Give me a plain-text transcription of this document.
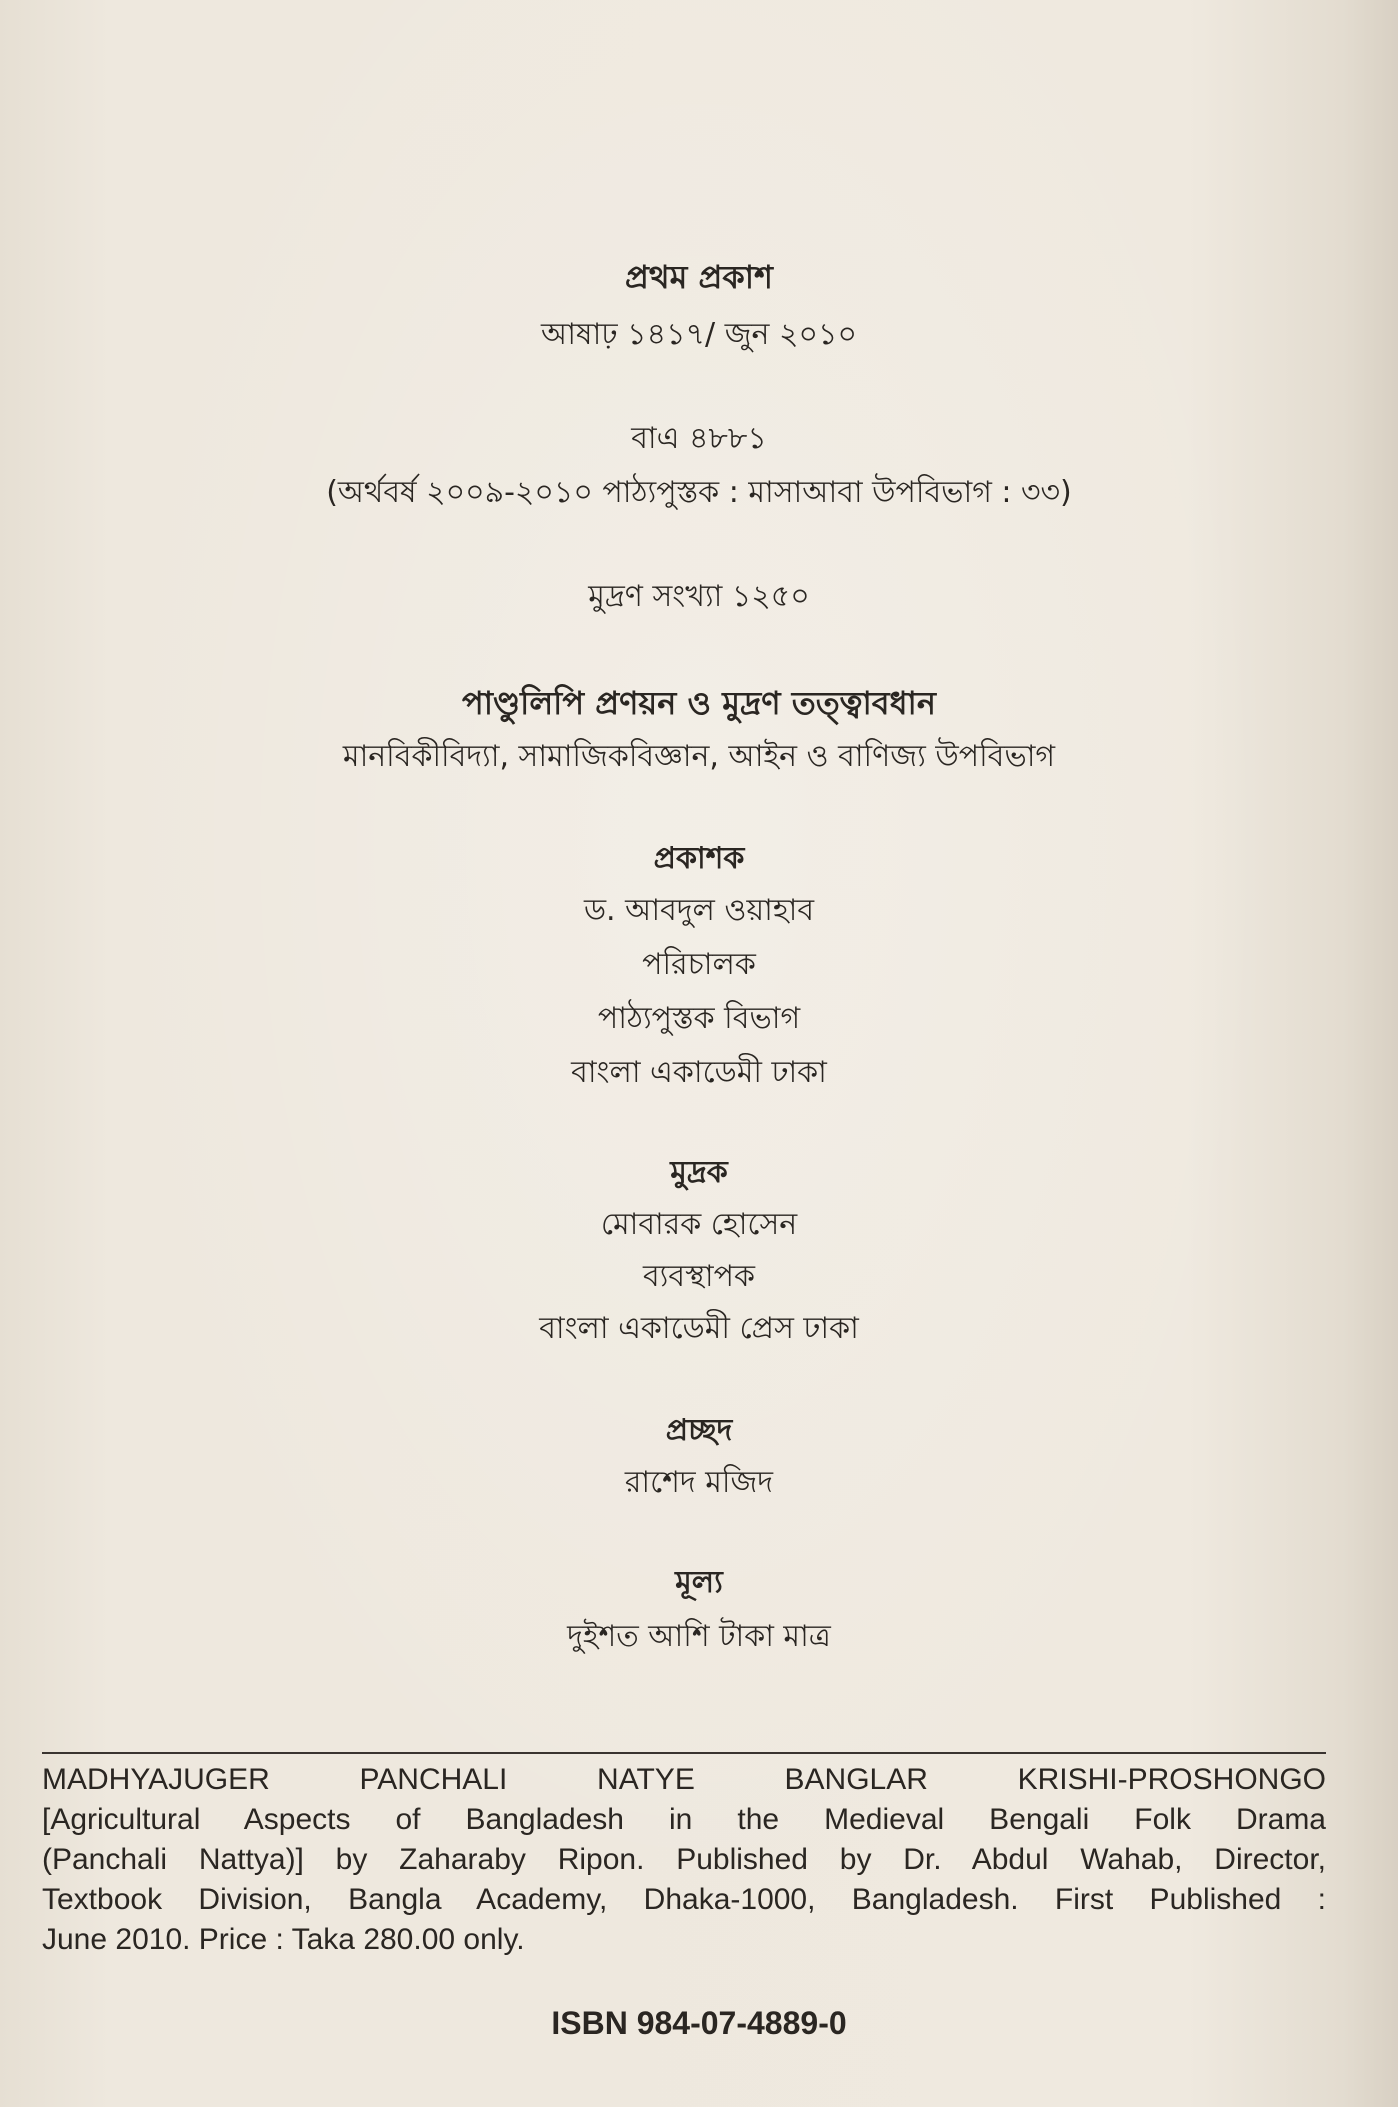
প্রথম প্রকাশ
আষাঢ় ১৪১৭/ জুন ২০১০
বাএ ৪৮৮১
(অর্থবর্ষ ২০০৯-২০১০ পাঠ্যপুস্তক : মাসাআবা উপবিভাগ : ৩৩)
মুদ্রণ সংখ্যা ১২৫০
পাণ্ডুলিপি প্রণয়ন ও মুদ্রণ তত্ত্বাবধান
মানবিকীবিদ্যা, সামাজিকবিজ্ঞান, আইন ও বাণিজ্য উপবিভাগ
প্রকাশক
ড. আবদুল ওয়াহাব
পরিচালক
পাঠ্যপুস্তক বিভাগ
বাংলা একাডেমী ঢাকা
মুদ্রক
মোবারক হোসেন
ব্যবস্থাপক
বাংলা একাডেমী প্রেস ঢাকা
প্রচ্ছদ
রাশেদ মজিদ
মূল্য
দুইশত আশি টাকা মাত্র
MADHYAJUGER PANCHALI NATYE BANGLAR KRISHI-PROSHONGO
[Agricultural Aspects of Bangladesh in the Medieval Bengali Folk Drama
(Panchali Nattya)] by Zaharaby Ripon. Published by Dr. Abdul Wahab, Director,
Textbook Division, Bangla Academy, Dhaka-1000, Bangladesh. First Published :
June 2010. Price : Taka 280.00 only.
ISBN 984-07-4889-0
